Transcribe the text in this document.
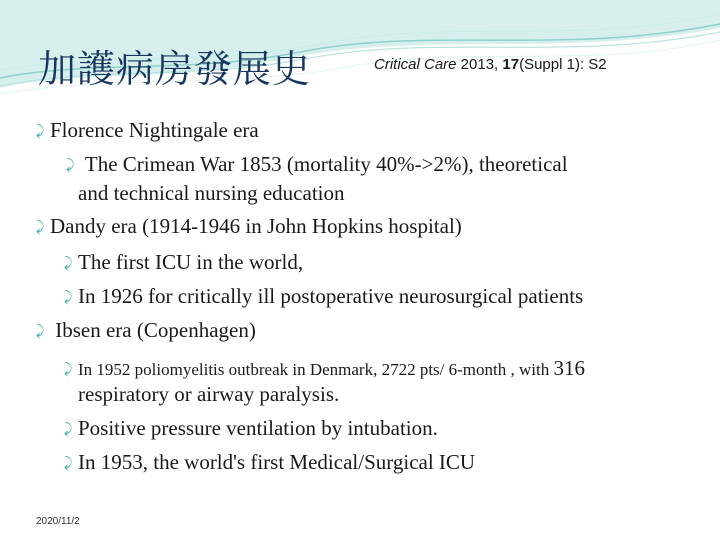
加護病房發展史	Critical Care 2013, 17(Suppl 1): S2
⤸ Florence Nightingale era
⤸ The Crimean War 1853 (mortality 40%->2%), theoretical
and technical nursing education
⤸ Dandy era (1914-1946 in John Hopkins hospital)
⤸ The first ICU in the world,
⤸ In 1926 for critically ill postoperative neurosurgical patients
⤸ Ibsen era (Copenhagen)
⤸ In 1952 poliomyelitis outbreak in Denmark, 2722 pts/ 6-month , with 316
respiratory or airway paralysis.
⤸ Positive pressure ventilation by intubation.
⤸ In 1953, the world's first Medical/Surgical ICU
2020/11/2
